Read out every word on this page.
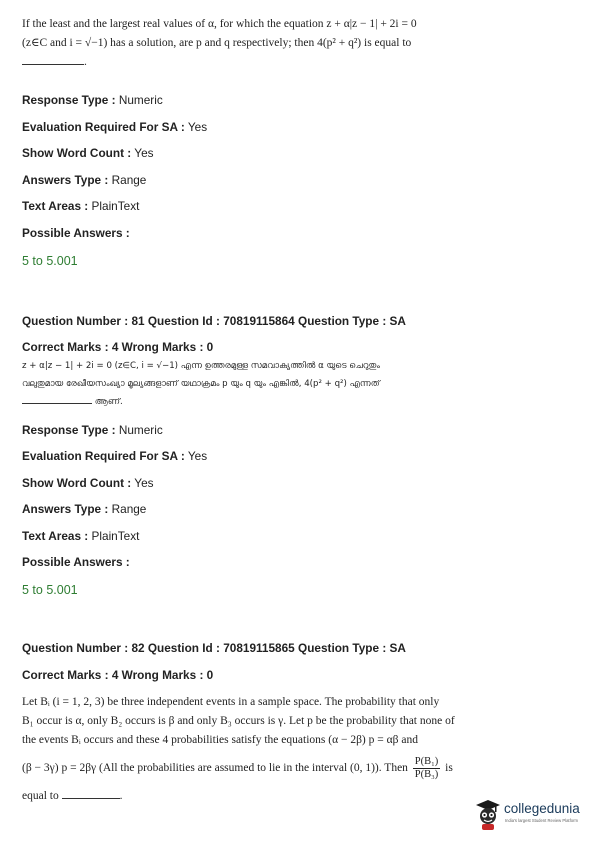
If the least and the largest real values of α, for which the equation z + α|z − 1| + 2i = 0
(z∈C and i = √−1) has a solution, are p and q respectively; then 4(p² + q²) is equal to
.
Response Type : Numeric
Evaluation Required For SA : Yes
Show Word Count : Yes
Answers Type : Range
Text Areas : PlainText
Possible Answers :
5 to 5.001
Question Number : 81 Question Id : 70819115864 Question Type : SA
Correct Marks : 4 Wrong Marks : 0
z + α|z − 1| + 2i = 0 (z∈C, i = √−1) എന്ന ഉത്തരമുള്ള സമവാക്യത്തിൽ α യുടെ ചെറുതും
വലുതുമായ രേഖീയസംഖ്യാ മൂല്യങ്ങളാണ് യഥാക്രമം p യും q യും എങ്കിൽ, 4(p² + q²) എന്നത്
ആണ്.
Response Type : Numeric
Evaluation Required For SA : Yes
Show Word Count : Yes
Answers Type : Range
Text Areas : PlainText
Possible Answers :
5 to 5.001
Question Number : 82 Question Id : 70819115865 Question Type : SA
Correct Marks : 4 Wrong Marks : 0
Let Bᵢ (i = 1, 2, 3) be three independent events in a sample space. The probability that only
B₁ occur is α, only B₂ occurs is β and only B₃ occurs is γ. Let p be the probability that none of
the events Bᵢ occurs and these 4 probabilities satisfy the equations (α − 2β) p = αβ and
(β − 3γ) p = 2βγ (All the probabilities are assumed to lie in the interval (0, 1)). Then $\frac{\text{P(B₁)}}{\text{P(B₃)}}$ is
equal to	.
collegedunia
India's largest Student Review Platform
